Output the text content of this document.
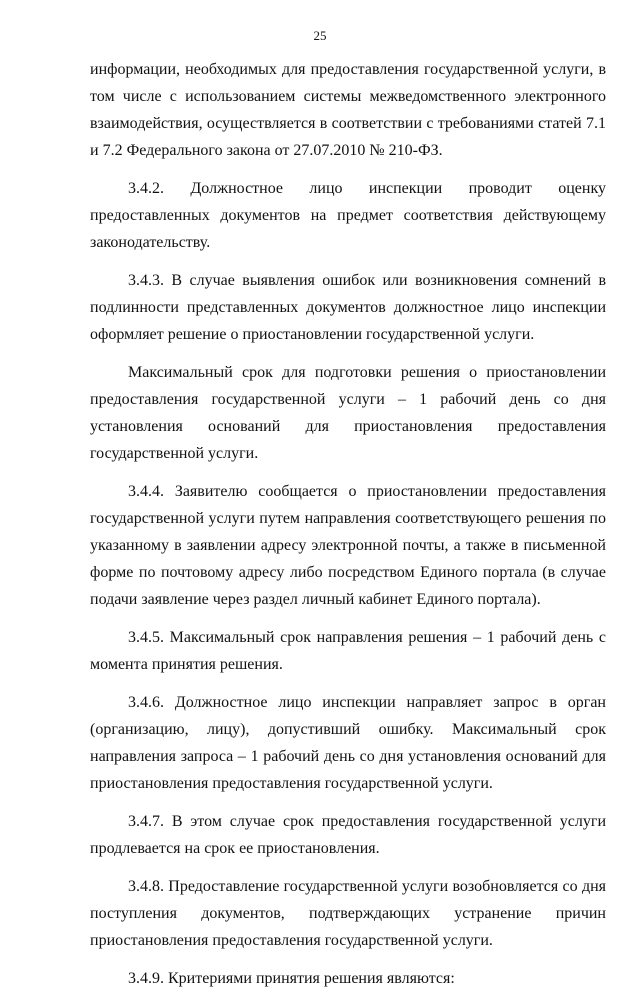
25

информации, необходимых для предоставления государственной услуги, в том числе с использованием системы межведомственного электронного взаимодействия, осуществляется в соответствии с требованиями статей 7.1 и 7.2 Федерального закона от 27.07.2010 № 210-ФЗ.

3.4.2. Должностное лицо инспекции проводит оценку предоставленных документов на предмет соответствия действующему законодательству.

3.4.3. В случае выявления ошибок или возникновения сомнений в подлинности представленных документов должностное лицо инспекции оформляет решение о приостановлении государственной услуги.

Максимальный срок для подготовки решения о приостановлении предоставления государственной услуги – 1 рабочий день со дня установления оснований для приостановления предоставления государственной услуги.

3.4.4. Заявителю сообщается о приостановлении предоставления государственной услуги путем направления соответствующего решения по указанному в заявлении адресу электронной почты, а также в письменной форме по почтовому адресу либо посредством Единого портала (в случае подачи заявление через раздел личный кабинет Единого портала).

3.4.5. Максимальный срок направления решения – 1 рабочий день с момента принятия решения.

3.4.6. Должностное лицо инспекции направляет запрос в орган (организацию, лицу), допустивший ошибку. Максимальный срок направления запроса – 1 рабочий день со дня установления оснований для приостановления предоставления государственной услуги.

3.4.7. В этом случае срок предоставления государственной услуги продлевается на срок ее приостановления.

3.4.8. Предоставление государственной услуги возобновляется со дня поступления документов, подтверждающих устранение причин приостановления предоставления государственной услуги.

3.4.9. Критериями принятия решения являются:
